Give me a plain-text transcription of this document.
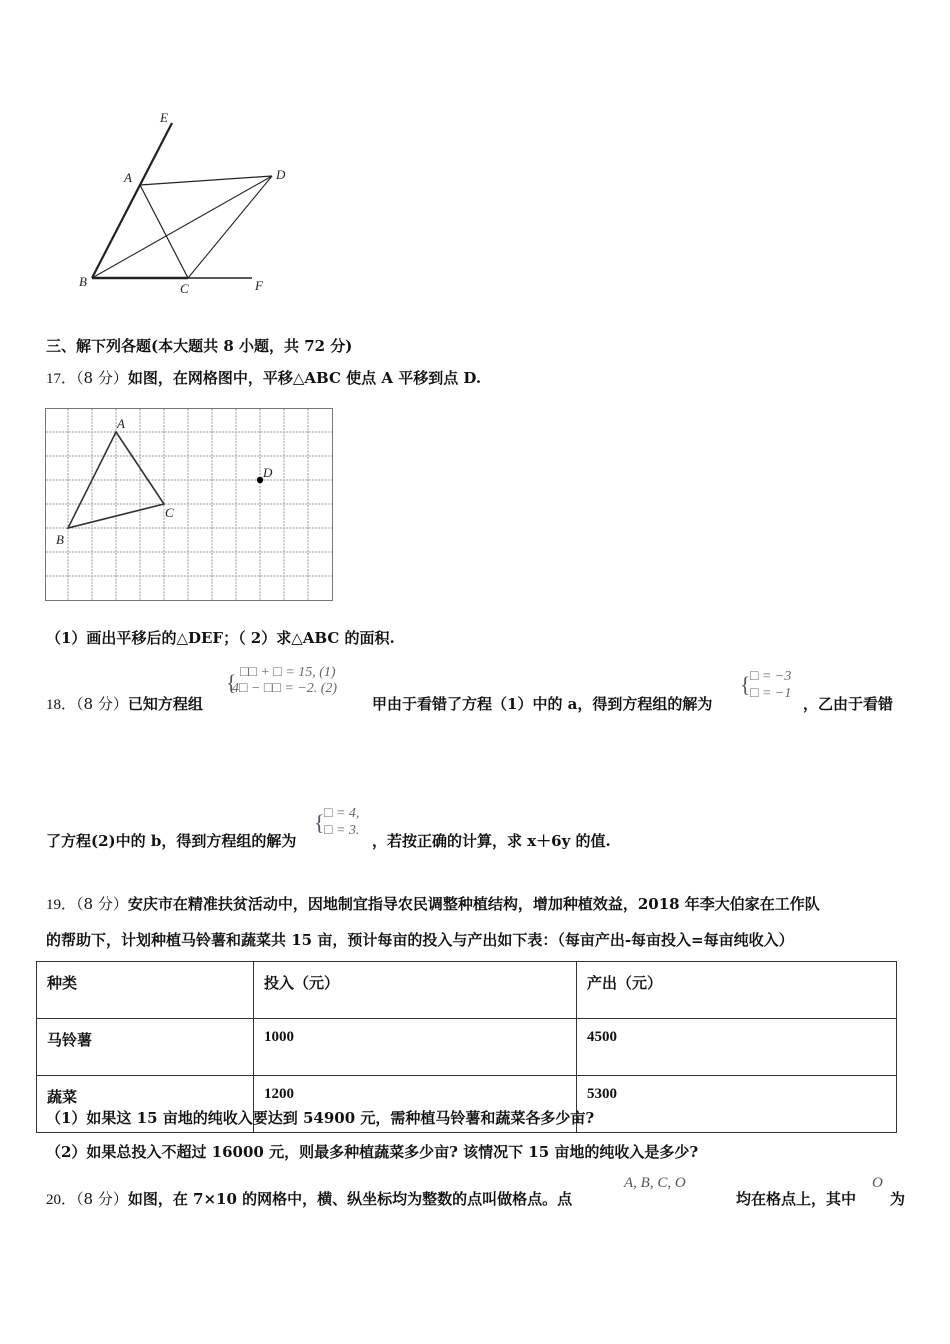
E
A	D
B	C	F
三、解下列各题(本大题共 8 小题，共 72 分)
17．（8 分）如图，在网格图中，平移△ABC 使点 A 平移到点 D.
A
B
C
D
（1）画出平移后的△DEF；（ 2）求△ABC 的面积.
18．（8 分）已知方程组
{ □□ + □ = 15, (1)
4□ − □□ = −2. (2)
甲由于看错了方程（1）中的 a，得到方程组的解为
{ □ = −3
□ = −1
，乙由于看错
了方程(2)中的 b，得到方程组的解为
{ □ = 4,
□ = 3.
，若按正确的计算，求 x＋6y 的值.
19．（8 分）安庆市在精准扶贫活动中，因地制宜指导农民调整种植结构，增加种植效益，2018 年李大伯家在工作队
的帮助下，计划种植马铃薯和蔬菜共 15 亩，预计每亩的投入与产出如下表：（每亩产出-每亩投入=每亩纯收入）
种类	投入（元）	产出（元）
马铃薯	1000	4500
蔬菜	1200	5300
（1）如果这 15 亩地的纯收入要达到 54900 元，需种植马铃薯和蔬菜各多少亩?
（2）如果总投入不超过 16000 元，则最多种植蔬菜多少亩? 该情况下 15 亩地的纯收入是多少?
20．（8 分）如图，在 7×10 的网格中，横、纵坐标均为整数的点叫做格点。点
A, B, C, O
均在格点上，其中
O
为
